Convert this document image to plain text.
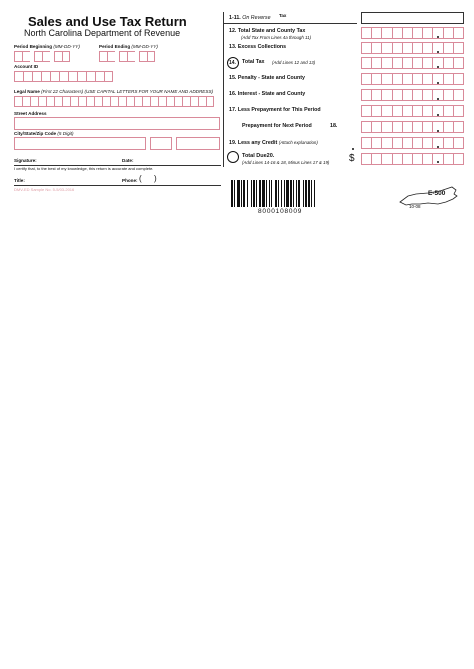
Sales and Use Tax Return
North Carolina Department of Revenue
Period Beginning (MM-DD-YY)	Period Ending (MM-DD-YY)
Account ID
Legal Name (First 22 Characters) (USE CAPITAL LETTERS FOR YOUR NAME AND ADDRESS)
Street Address
City/State/Zip Code (5 Digit)
Signature:	Date:
I certify that, to the best of my knowledge, this return is accurate and complete.
Title:	Phone: ( )
DMV-ED Sample No. 5-5/03-2016
1-11. On Reverse Tax
12. Total State and County Tax
(Add Tax From Lines 4a through 11)
13. Excess Collections
14. Total Tax (Add Lines 12 and 13)
15. Penalty - State and County
16. Interest - State and County
17. Less Prepayment for This Period
Prepayment for Next Period	18.
19. Less any Credit (Attach explanation)
Total Due20.
(Add Lines 14-16 & 18, Minus Lines 17 & 19) $
8000108009
E-500
10-08
